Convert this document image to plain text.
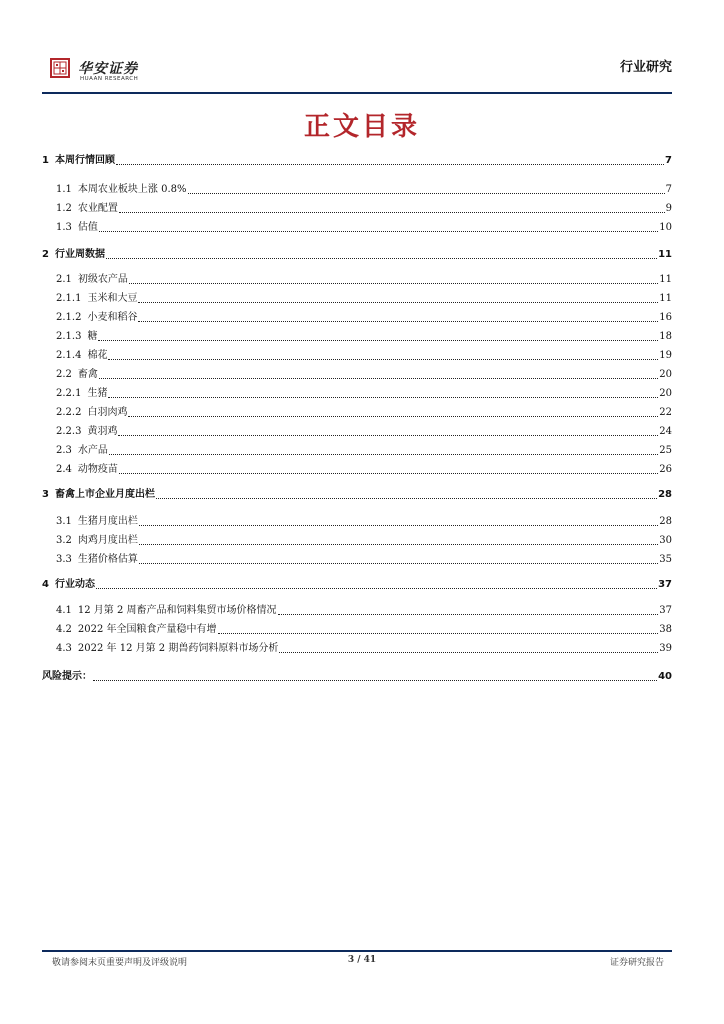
华安证券
HUAAN RESEARCH
行业研究
正文目录
1 本周行情回顾	7
1.1 本周农业板块上涨 0.8%	7
1.2 农业配置	9
1.3 估值	10
2 行业周数据	11
2.1 初级农产品	11
2.1.1 玉米和大豆	11
2.1.2 小麦和稻谷	16
2.1.3 糖	18
2.1.4 棉花	19
2.2 畜禽	20
2.2.1 生猪	20
2.2.2 白羽肉鸡	22
2.2.3 黄羽鸡	24
2.3 水产品	25
2.4 动物疫苗	26
3 畜禽上市企业月度出栏	28
3.1 生猪月度出栏	28
3.2 肉鸡月度出栏	30
3.3 生猪价格估算	35
4 行业动态	37
4.1 12 月第 2 周畜产品和饲料集贸市场价格情况	37
4.2 2022 年全国粮食产量稳中有增	38
4.3 2022 年 12 月第 2 期兽药饲料原料市场分析	39
风险提示：	40
敬请参阅末页重要声明及评级说明	3 / 41	证券研究报告
